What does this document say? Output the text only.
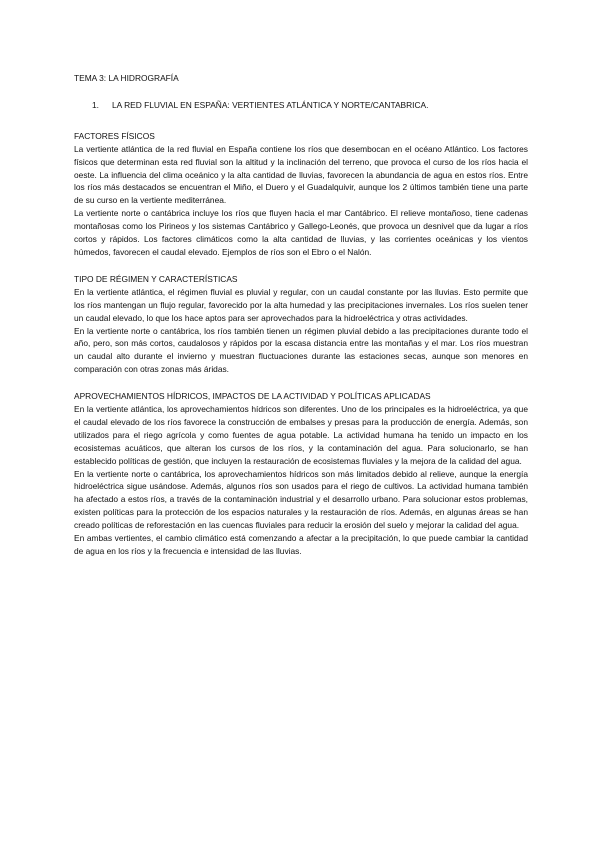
TEMA 3: LA HIDROGRAFÍA
1.	LA RED FLUVIAL EN ESPAÑA: VERTIENTES ATLÁNTICA Y NORTE/CANTABRICA.
FACTORES FÍSICOS

La vertiente atlántica de la red fluvial en España contiene los ríos que desembocan en el océano Atlántico. Los factores físicos que determinan esta red fluvial son la altitud y la inclinación del terreno, que provoca el curso de los ríos hacia el oeste. La influencia del clima oceánico y la alta cantidad de lluvias, favorecen la abundancia de agua en estos ríos. Entre los ríos más destacados se encuentran el Miño, el Duero y el Guadalquivir, aunque los 2 últimos también tiene una parte de su curso en la vertiente mediterránea.

La vertiente norte o cantábrica incluye los ríos que fluyen hacia el mar Cantábrico. El relieve montañoso, tiene cadenas montañosas como los Pirineos y los sistemas Cantábrico y Gallego-Leonés, que provoca un desnivel que da lugar a ríos cortos y rápidos. Los factores climáticos como la alta cantidad de lluvias, y las corrientes oceánicas y los vientos húmedos, favorecen el caudal elevado. Ejemplos de ríos son el Ebro o el Nalón.

TIPO DE RÉGIMEN Y CARACTERÍSTICAS

En la vertiente atlántica, el régimen fluvial es pluvial y regular, con un caudal constante por las lluvias. Esto permite que los ríos mantengan un flujo regular, favorecido por la alta humedad y las precipitaciones invernales. Los ríos suelen tener un caudal elevado, lo que los hace aptos para ser aprovechados para la hidroeléctrica y otras actividades.

En la vertiente norte o cantábrica, los ríos también tienen un régimen pluvial debido a las precipitaciones durante todo el año, pero, son más cortos, caudalosos y rápidos por la escasa distancia entre las montañas y el mar. Los ríos muestran un caudal alto durante el invierno y muestran fluctuaciones durante las estaciones secas, aunque son menores en comparación con otras zonas más áridas.

APROVECHAMIENTOS HÍDRICOS, IMPACTOS DE LA ACTIVIDAD Y POLÍTICAS APLICADAS

En la vertiente atlántica, los aprovechamientos hídricos son diferentes. Uno de los principales es la hidroeléctrica, ya que el caudal elevado de los ríos favorece la construcción de embalses y presas para la producción de energía. Además, son utilizados para el riego agrícola y como fuentes de agua potable. La actividad humana ha tenido un impacto en los ecosistemas acuáticos, que alteran los cursos de los ríos, y la contaminación del agua. Para solucionarlo, se han establecido políticas de gestión, que incluyen la restauración de ecosistemas fluviales y la mejora de la calidad del agua.

En la vertiente norte o cantábrica, los aprovechamientos hídricos son más limitados debido al relieve, aunque la energía hidroeléctrica sigue usándose. Además, algunos ríos son usados para el riego de cultivos. La actividad humana también ha afectado a estos ríos, a través de la contaminación industrial y el desarrollo urbano. Para solucionar estos problemas, existen políticas para la protección de los espacios naturales y la restauración de ríos. Además, en algunas áreas se han creado políticas de reforestación en las cuencas fluviales para reducir la erosión del suelo y mejorar la calidad del agua.

En ambas vertientes, el cambio climático está comenzando a afectar a la precipitación, lo que puede cambiar la cantidad de agua en los ríos y la frecuencia e intensidad de las lluvias.
